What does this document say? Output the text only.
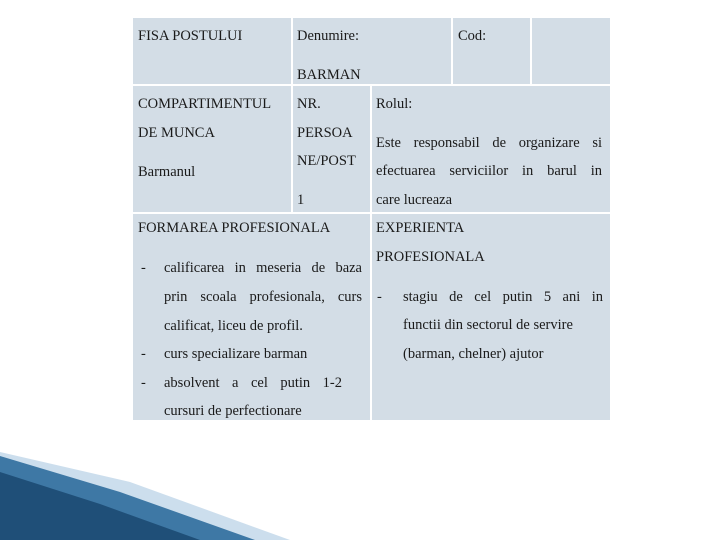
FISA POSTULUI	Denumire:
BARMAN
Cod:
COMPARTIMENTUL
DE MUNCA
Barmanul
NR.
PERSOA
NE/POST
1
Rolul:
Este responsabil de organizare si
efectuarea serviciilor in barul in
care lucreaza
FORMAREA PROFESIONALA
- calificarea in meseria de baza
prin scoala profesionala, curs
calificat, liceu de profil.
- curs specializare barman
- absolvent a cel putin 1-2
cursuri de perfectionare
EXPERIENTA
PROFESIONALA
- stagiu de cel putin 5 ani in
functii din sectorul de servire
(barman, chelner) ajutor
